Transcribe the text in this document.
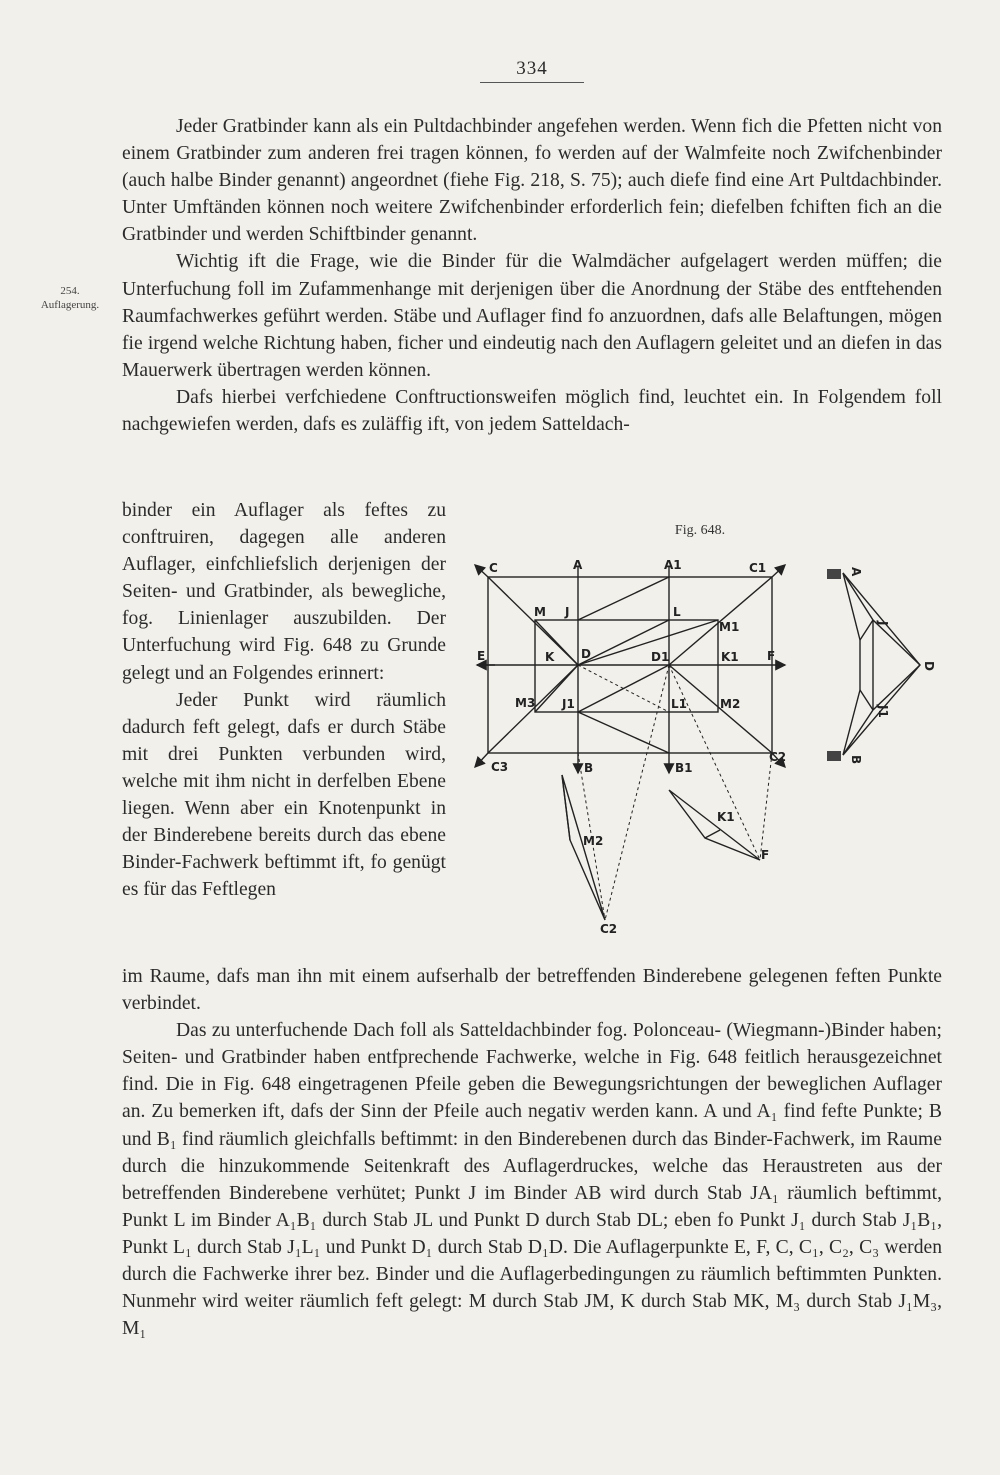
334
254.
Auflagerung.

Jeder Gratbinder kann als ein Pultdachbinder angefehen werden. Wenn fich die Pfetten nicht von einem Gratbinder zum anderen frei tragen können, fo werden auf der Walmfeite noch Zwifchenbinder (auch halbe Binder genannt) angeordnet (fiehe Fig. 218, S. 75); auch diefe find eine Art Pultdachbinder. Unter Umftänden können noch weitere Zwifchenbinder erforderlich fein; diefelben fchiften fich an die Gratbinder und werden Schiftbinder genannt.

Wichtig ift die Frage, wie die Binder für die Walmdächer aufgelagert werden müffen; die Unterfuchung foll im Zufammenhange mit derjenigen über die Anordnung der Stäbe des entftehenden Raumfachwerkes geführt werden. Stäbe und Auflager find fo anzuordnen, dafs alle Belaftungen, mögen fie irgend welche Richtung haben, ficher und eindeutig nach den Auflagern geleitet und an diefen in das Mauerwerk übertragen werden können.

Dafs hierbei verfchiedene Conftructionsweifen möglich find, leuchtet ein. In Folgendem foll nachgewiefen werden, dafs es zuläffig ift, von jedem Satteldach-

binder ein Auflager als feftes zu conftruiren, dagegen alle anderen Auflager, einfchliefslich derjenigen der Seiten- und Gratbinder, als bewegliche, fog. Linienlager auszubilden. Der Unterfuchung wird Fig. 648 zu Grunde gelegt und an Folgendes erinnert:

Jeder Punkt wird räumlich dadurch feft gelegt, dafs er durch Stäbe mit drei Punkten verbunden wird, welche mit ihm nicht in derfelben Ebene liegen. Wenn aber ein Knotenpunkt in der Binderebene bereits durch das ebene Binder-Fachwerk beftimmt ift, fo genügt es für das Feftlegen

Fig. 648.
C	A	A1	C1
M J	L
M1
E	K D	D1	K1 F
M3 J1	L1	M2
C3	B	B1
C2
A
J
D
J1
B
M2
C2
K1
F

im Raume, dafs man ihn mit einem aufserhalb der betreffenden Binderebene gelegenen feften Punkte verbindet.

Das zu unterfuchende Dach foll als Satteldachbinder fog. Polonceau- (Wiegmann-)Binder haben; Seiten- und Gratbinder haben entfprechende Fachwerke, welche in Fig. 648 feitlich herausgezeichnet find. Die in Fig. 648 eingetragenen Pfeile geben die Bewegungsrichtungen der beweglichen Auflager an. Zu bemerken ift, dafs der Sinn der Pfeile auch negativ werden kann. A und A₁ find fefte Punkte; B und B₁ find räumlich gleichfalls beftimmt: in den Binderebenen durch das Binder-Fachwerk, im Raume durch die hinzukommende Seitenkraft des Auflagerdruckes, welche das Heraustreten aus der betreffenden Binderebene verhütet; Punkt J im Binder AB wird durch Stab JA₁ räumlich beftimmt, Punkt L im Binder A₁B₁ durch Stab JL und Punkt D durch Stab DL; eben fo Punkt J₁ durch Stab J₁B₁, Punkt L₁ durch Stab J₁L₁ und Punkt D₁ durch Stab D₁D. Die Auflagerpunkte E, F, C, C₁, C₂, C₃ werden durch die Fachwerke ihrer bez. Binder und die Auflagerbedingungen zu räumlich beftimmten Punkten. Nunmehr wird weiter räumlich feft gelegt: M durch Stab JM, K durch Stab MK, M₃ durch Stab J₁M₃, M₁
